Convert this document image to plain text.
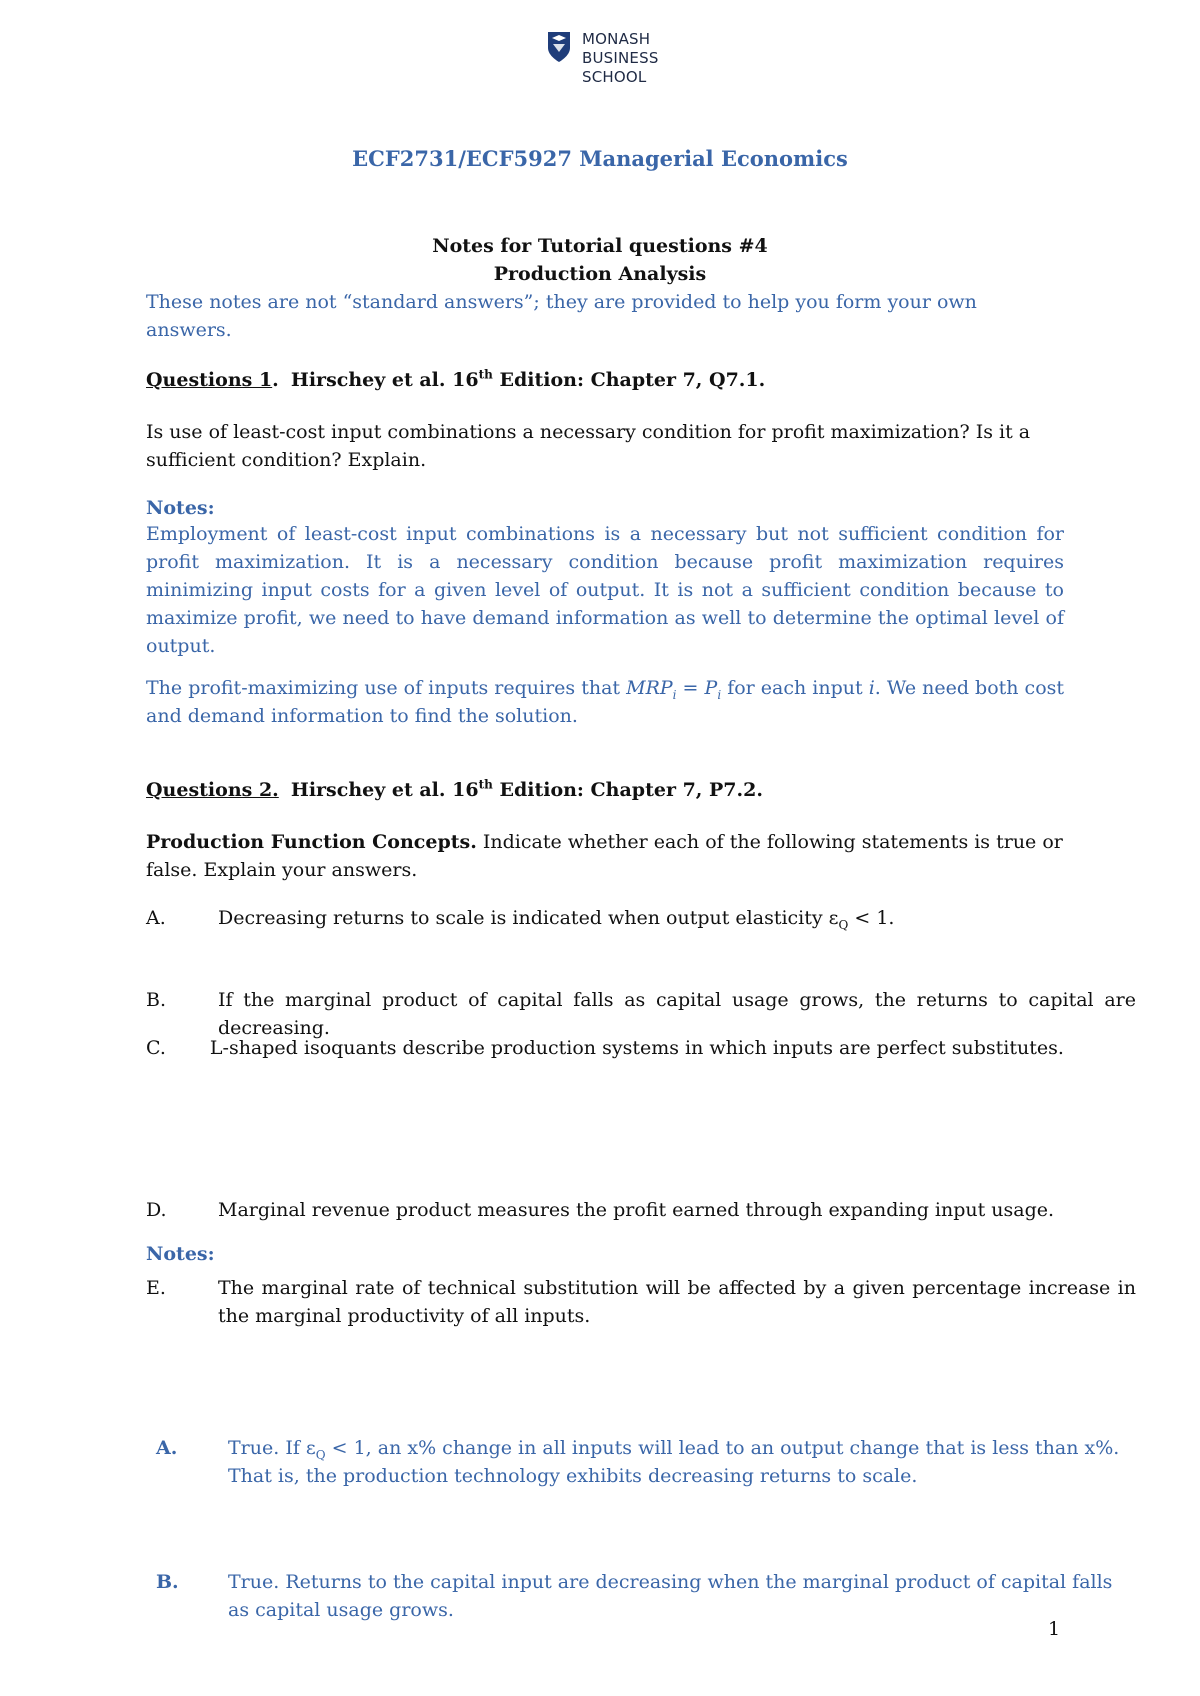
MONASH
BUSINESS
SCHOOL
ECF2731/ECF5927 Managerial Economics
Notes for Tutorial questions #4
Production Analysis

These notes are not “standard answers”; they are provided to help you form your own answers.

Questions 1. Hirschey et al. 16th Edition: Chapter 7, Q7.1.

Is use of least-cost input combinations a necessary condition for profit maximization? Is it a sufficient condition? Explain.

Notes:

Employment of least-cost input combinations is a necessary but not sufficient condition for profit maximization. It is a necessary condition because profit maximization requires minimizing input costs for a given level of output. It is not a sufficient condition because to maximize profit, we need to have demand information as well to determine the optimal level of output.

The profit-maximizing use of inputs requires that $MRP_i = P_i$ for each input i. We need both cost and demand information to find the solution.

Questions 2. Hirschey et al. 16th Edition: Chapter 7, P7.2.

Production Function Concepts. Indicate whether each of the following statements is true or false. Explain your answers.

A.	Decreasing returns to scale is indicated when output elasticity $\varepsilon_Q < 1$.
B.	If the marginal product of capital falls as capital usage grows, the returns to capital are decreasing.
C. L-shaped isoquants describe production systems in which inputs are perfect substitutes.
D.	Marginal revenue product measures the profit earned through expanding input usage.
E.	The marginal rate of technical substitution will be affected by a given percentage increase in the marginal productivity of all inputs.

Notes:

A.	True. If $\varepsilon_Q < 1$, an x% change in all inputs will lead to an output change that is less than x%. That is, the production technology exhibits decreasing returns to scale.
B.	True. Returns to the capital input are decreasing when the marginal product of capital falls as capital usage grows.
1
